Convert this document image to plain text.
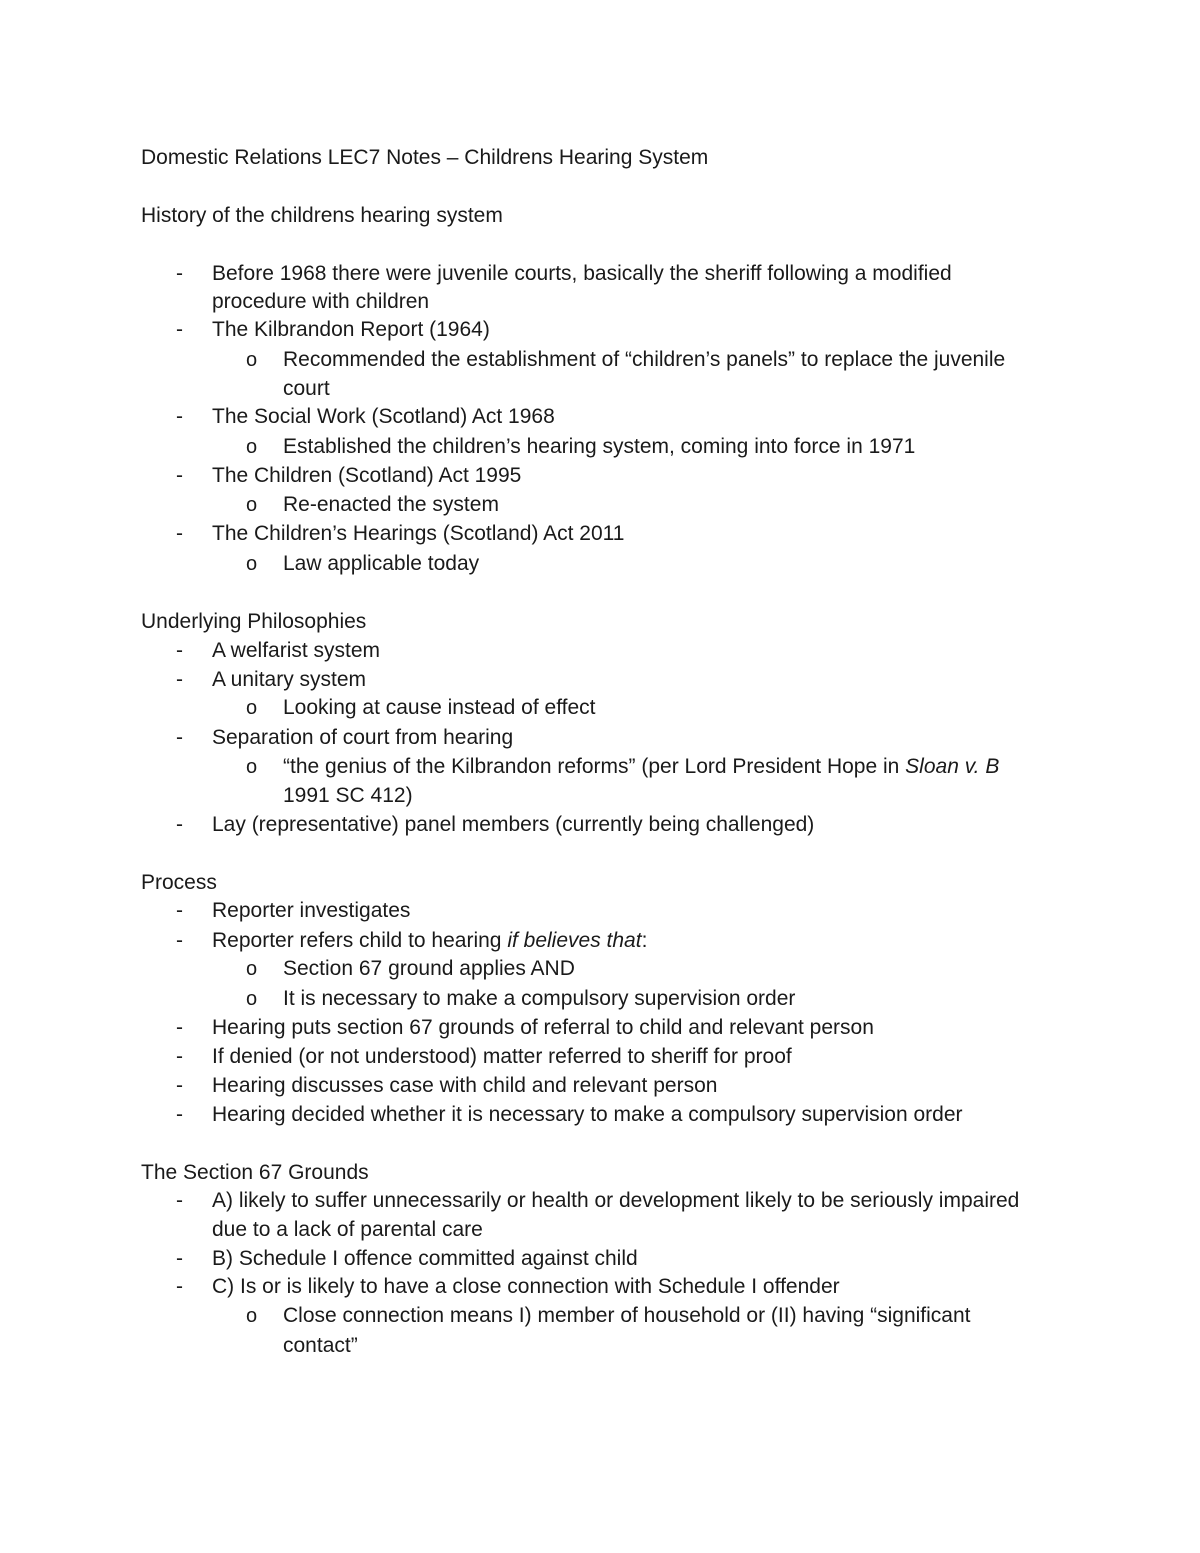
Domestic Relations LEC7 Notes – Childrens Hearing System
History of the childrens hearing system
- Before 1968 there were juvenile courts, basically the sheriff following a modified
procedure with children
- The Kilbrandon Report (1964)
o Recommended the establishment of “children’s panels” to replace the juvenile
court
- The Social Work (Scotland) Act 1968
o Established the children’s hearing system, coming into force in 1971
- The Children (Scotland) Act 1995
o Re-enacted the system
- The Children’s Hearings (Scotland) Act 2011
o Law applicable today
Underlying Philosophies
- A welfarist system
- A unitary system
o Looking at cause instead of effect
- Separation of court from hearing
o “the genius of the Kilbrandon reforms” (per Lord President Hope in Sloan v. B
1991 SC 412)
- Lay (representative) panel members (currently being challenged)
Process
- Reporter investigates
- Reporter refers child to hearing if believes that:
o Section 67 ground applies AND
o It is necessary to make a compulsory supervision order
- Hearing puts section 67 grounds of referral to child and relevant person
- If denied (or not understood) matter referred to sheriff for proof
- Hearing discusses case with child and relevant person
- Hearing decided whether it is necessary to make a compulsory supervision order
The Section 67 Grounds
- A) likely to suffer unnecessarily or health or development likely to be seriously impaired
due to a lack of parental care
- B) Schedule I offence committed against child
- C) Is or is likely to have a close connection with Schedule I offender
o Close connection means I) member of household or (II) having “significant
contact”
